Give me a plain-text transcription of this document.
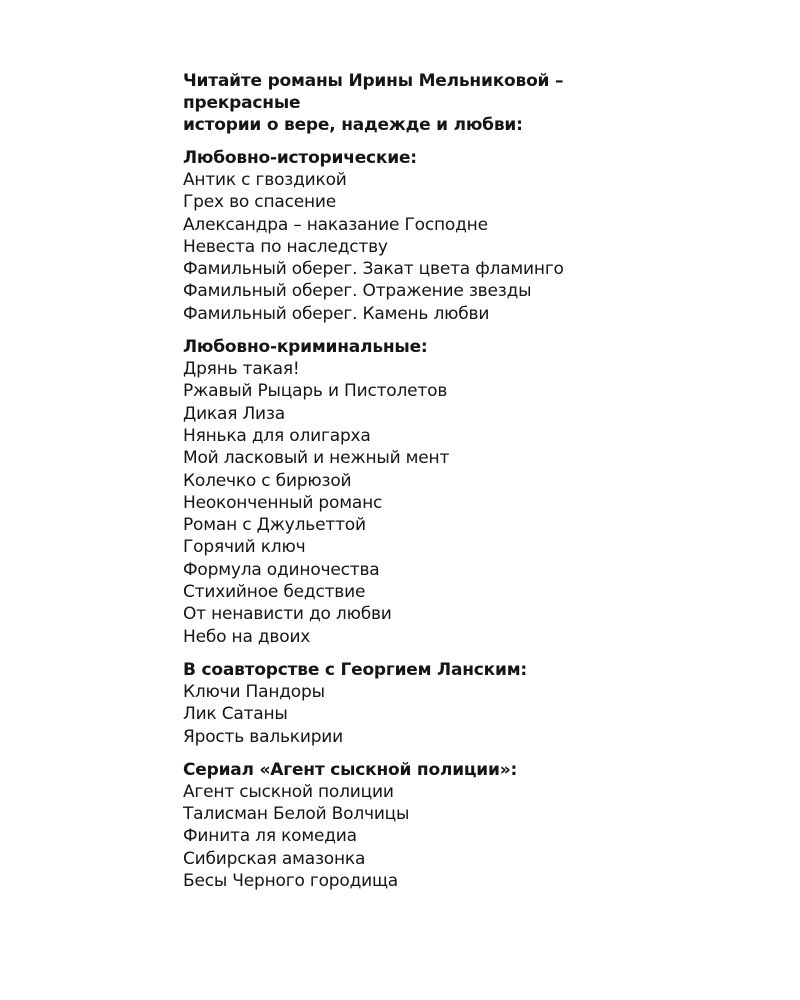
Читайте романы Ирины Мельниковой – прекрасные
истории о вере, надежде и любви:

Любовно-исторические:

Антик с гвоздикой
Грех во спасение
Александра – наказание Господне
Невеста по наследству
Фамильный оберег. Закат цвета фламинго
Фамильный оберег. Отражение звезды
Фамильный оберег. Камень любви

Любовно-криминальные:

Дрянь такая!
Ржавый Рыцарь и Пистолетов
Дикая Лиза
Нянька для олигарха
Мой ласковый и нежный мент
Колечко с бирюзой
Неоконченный романс
Роман с Джульеттой
Горячий ключ
Формула одиночества
Стихийное бедствие
От ненависти до любви
Небо на двоих

В соавторстве с Георгием Ланским:

Ключи Пандоры
Лик Сатаны
Ярость валькирии

Сериал «Агент сыскной полиции»:

Агент сыскной полиции
Талисман Белой Волчицы
Финита ля комедиа
Сибирская амазонка
Бесы Черного городища
